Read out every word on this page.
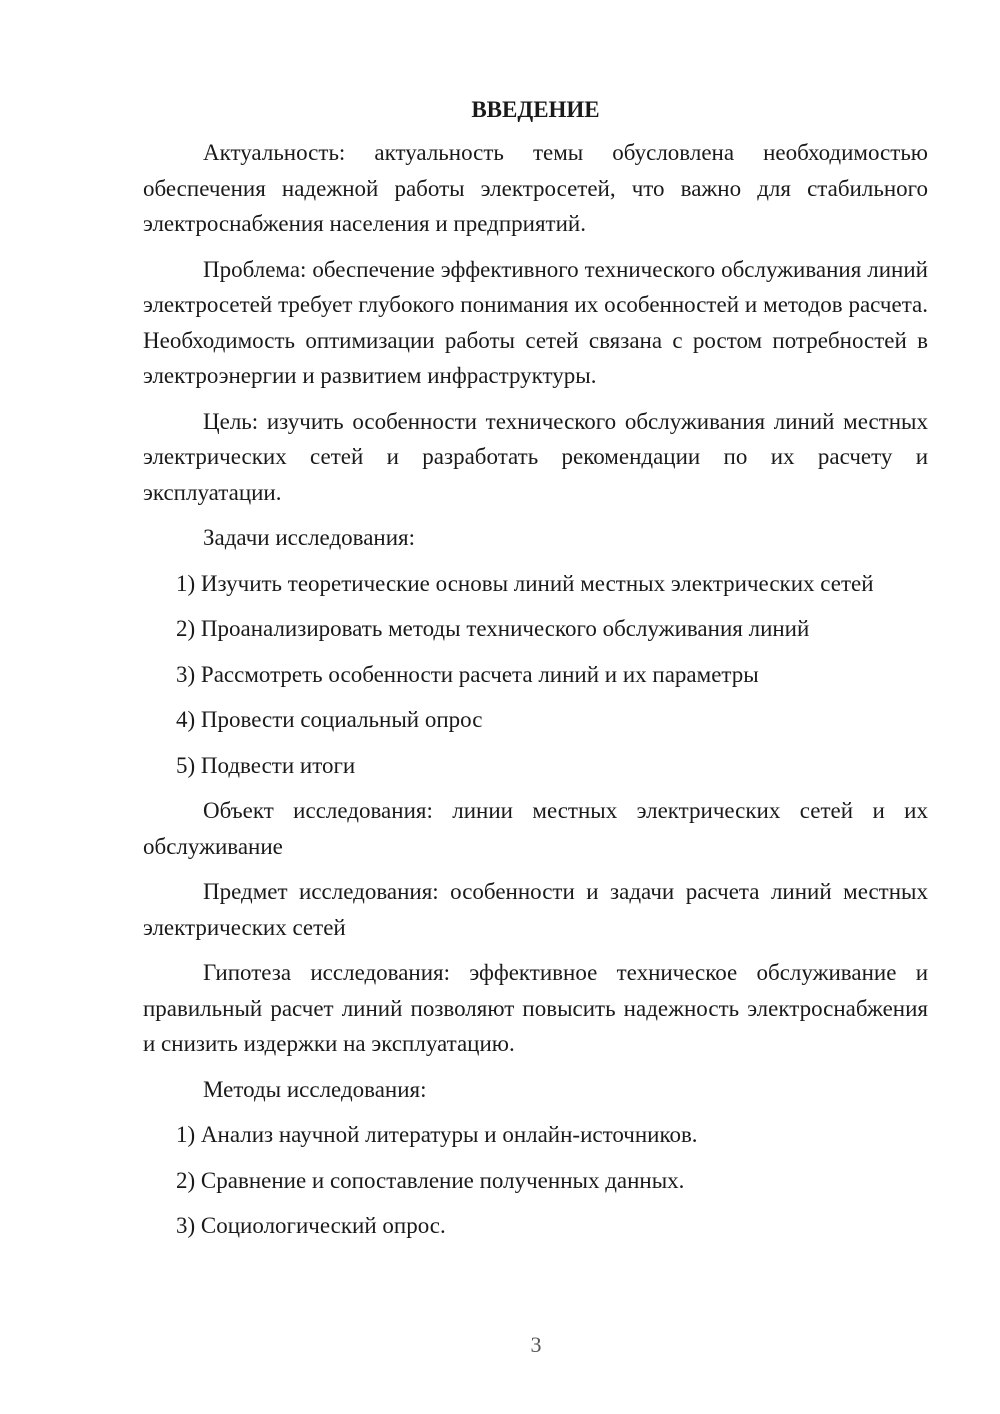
ВВЕДЕНИЕ

Актуальность: актуальность темы обусловлена необходимостью обеспечения надежной работы электросетей, что важно для стабильного электроснабжения населения и предприятий.

Проблема: обеспечение эффективного технического обслуживания линий электросетей требует глубокого понимания их особенностей и методов расчета. Необходимость оптимизации работы сетей связана с ростом потребностей в электроэнергии и развитием инфраструктуры.

Цель: изучить особенности технического обслуживания линий местных электрических сетей и разработать рекомендации по их расчету и эксплуатации.

Задачи исследования:
1) Изучить теоретические основы линий местных электрических сетей
2) Проанализировать методы технического обслуживания линий
3) Рассмотреть особенности расчета линий и их параметры
4) Провести социальный опрос
5) Подвести итоги

Объект исследования: линии местных электрических сетей и их обслуживание

Предмет исследования: особенности и задачи расчета линий местных электрических сетей

Гипотеза исследования: эффективное техническое обслуживание и правильный расчет линий позволяют повысить надежность электроснабжения и снизить издержки на эксплуатацию.

Методы исследования:
1) Анализ научной литературы и онлайн-источников.
2) Сравнение и сопоставление полученных данных.
3) Социологический опрос.
3
